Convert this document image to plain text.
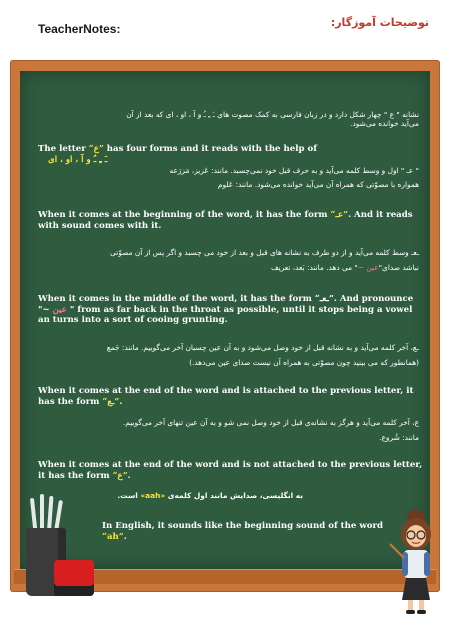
TeacherNotes:	توضیحات آموزگار:
نشانه " ع " چهار شکل دارد و در زبان فارسی به کمک مصوت های ـَ ـِ ـُ و آ ، او ، ای که بعد از آن
می‌آید خوانده می‌شود.
The letter “ع” has four forms and it reads with the help of
ـَ ـِ ـُ و آ ، او ، ای
" عـ " اول و وسط کلمه می‌آید و به حرف قبل خود نمی‌چسبد. مانند: عَزیز، مَزرَعه
همواره با مصوّتی که همراه آن می‌آید خوانده می‌شود. مانند: عَلوم
When it comes at the beginning of the word, it has the form “عـ”. And it reads
with sound comes with it.
ـعـ وسط کلمه می‌آید و از دو طرف به نشانه های قبل و بعد از خود می چسبد و اگر پس از آن مصوّتی
نباشد صدای"عین ~" می دهد. مانند: بَعد، تعریف
When it comes in the middle of the word, it has the form “ـعـ”. And pronounce
"~ عین " from as far back in the throat as possible, until it stops being a vowel
an turns into a sort of cooing grunting.
ـع، آخر کلمه می‌آید و به نشانه قبل از خود وصل می‌شود و به آن عین چسبان آخر می‌گوییم. مانند: جَمع
(همانطور که می بینید چون مصوّتی به همراه آن نیست صدای عین می‌دهد.)
When it comes at the end of the word and is attached to the previous letter, it
has the form “ـع”.
ع، آخر کلمه می‌آید و هرگز به نشانه‌ی قبل از خود وصل نمی شو و به آن عین تنهای آخر می‌گوییم.
مانند: شُروع.
When it comes at the end of the word and is not attached to the previous letter,
it has the form “ع”.
به انگلیسی، صدایش مانند اول کلمه‌ی «aah» است.
In English, it sounds like the beginning sound of the word “ah”.
